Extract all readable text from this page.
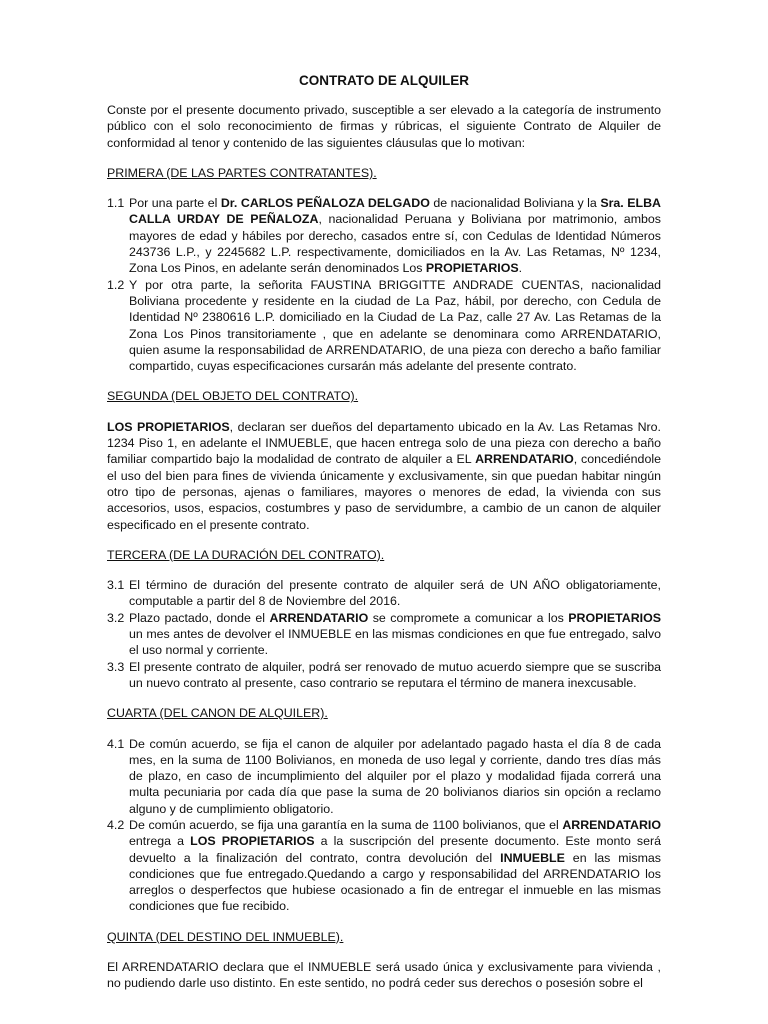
CONTRATO DE ALQUILER

Conste por el presente documento privado, susceptible a ser elevado a la categoría de instrumento público con el solo reconocimiento de firmas y rúbricas, el siguiente Contrato de Alquiler de conformidad al tenor y contenido de las siguientes cláusulas que lo motivan:

PRIMERA (DE LAS PARTES CONTRATANTES).

1.1 Por una parte el Dr. CARLOS PEÑALOZA DELGADO de nacionalidad Boliviana y la Sra. ELBA CALLA URDAY DE PEÑALOZA, nacionalidad Peruana y Boliviana por matrimonio, ambos mayores de edad y hábiles por derecho, casados entre sí, con Cedulas de Identidad Números 243736 L.P., y 2245682 L.P. respectivamente, domiciliados en la Av. Las Retamas, Nº 1234, Zona Los Pinos, en adelante serán denominados Los PROPIETARIOS.
1.2 Y por otra parte, la señorita FAUSTINA BRIGGITTE ANDRADE CUENTAS, nacionalidad Boliviana procedente y residente en la ciudad de La Paz, hábil, por derecho, con Cedula de Identidad Nº 2380616 L.P. domiciliado en la Ciudad de La Paz, calle 27 Av. Las Retamas de la Zona Los Pinos transitoriamente , que en adelante se denominara como ARRENDATARIO, quien asume la responsabilidad de ARRENDATARIO, de una pieza con derecho a baño familiar compartido, cuyas especificaciones cursarán más adelante del presente contrato.

SEGUNDA (DEL OBJETO DEL CONTRATO).

LOS PROPIETARIOS, declaran ser dueños del departamento ubicado en la Av. Las Retamas Nro. 1234 Piso 1, en adelante el INMUEBLE, que hacen entrega solo de una pieza con derecho a baño familiar compartido bajo la modalidad de contrato de alquiler a EL ARRENDATARIO, concediéndole el uso del bien para fines de vivienda únicamente y exclusivamente, sin que puedan habitar ningún otro tipo de personas, ajenas o familiares, mayores o menores de edad, la vivienda con sus accesorios, usos, espacios, costumbres y paso de servidumbre, a cambio de un canon de alquiler especificado en el presente contrato.

TERCERA (DE LA DURACIÓN DEL CONTRATO).

3.1 El término de duración del presente contrato de alquiler será de UN AÑO obligatoriamente, computable a partir del 8 de Noviembre del 2016.
3.2 Plazo pactado, donde el ARRENDATARIO se compromete a comunicar a los PROPIETARIOS un mes antes de devolver el INMUEBLE en las mismas condiciones en que fue entregado, salvo el uso normal y corriente.
3.3 El presente contrato de alquiler, podrá ser renovado de mutuo acuerdo siempre que se suscriba un nuevo contrato al presente, caso contrario se reputara el término de manera inexcusable.

CUARTA (DEL CANON DE ALQUILER).

4.1 De común acuerdo, se fija el canon de alquiler por adelantado pagado hasta el día 8 de cada mes, en la suma de 1100 Bolivianos, en moneda de uso legal y corriente, dando tres días más de plazo, en caso de incumplimiento del alquiler por el plazo y modalidad fijada correrá una multa pecuniaria por cada día que pase la suma de 20 bolivianos diarios sin opción a reclamo alguno y de cumplimiento obligatorio.
4.2 De común acuerdo, se fija una garantía en la suma de 1100 bolivianos, que el ARRENDATARIO entrega a LOS PROPIETARIOS a la suscripción del presente documento. Este monto será devuelto a la finalización del contrato, contra devolución del INMUEBLE en las mismas condiciones que fue entregado.Quedando a cargo y responsabilidad del ARRENDATARIO los arreglos o desperfectos que hubiese ocasionado a fin de entregar el inmueble en las mismas condiciones que fue recibido.

QUINTA (DEL DESTINO DEL INMUEBLE).

El ARRENDATARIO declara que el INMUEBLE será usado única y exclusivamente para vivienda , no pudiendo darle uso distinto. En este sentido, no podrá ceder sus derechos o posesión sobre el
